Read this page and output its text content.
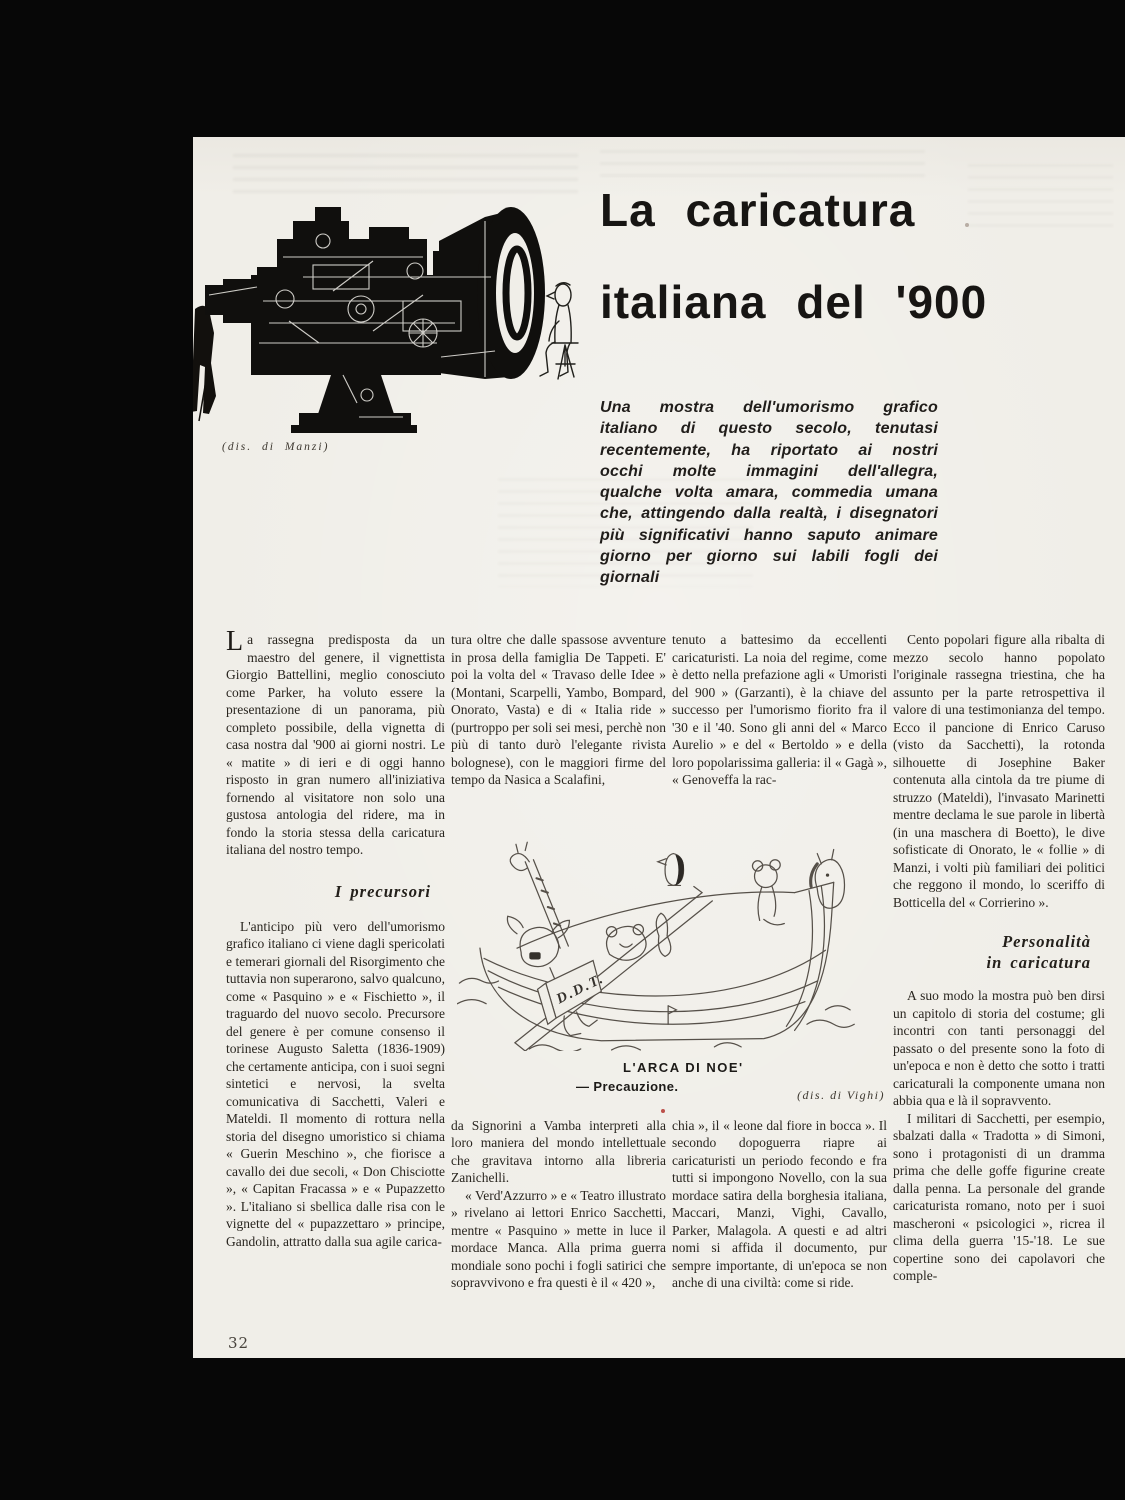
(dis. di Manzi)
La caricatura
italiana del '900
Una mostra dell'umorismo grafico italiano di questo secolo, tenutasi recentemente, ha riportato ai nostri occhi molte immagini dell'allegra, qualche volta amara, commedia umana che, attingendo dalla realtà, i disegnatori più significativi hanno saputo animare giorno per giorno sui labili fogli dei giornali

La rassegna predisposta da un maestro del genere, il vignettista Giorgio Battellini, meglio conosciuto come Parker, ha voluto essere la presentazione di un panorama, più completo possibile, della vignetta di casa nostra dal '900 ai giorni nostri. Le « matite » di ieri e di oggi hanno risposto in gran numero all'iniziativa fornendo al visitatore non solo una gustosa antologia del ridere, ma in fondo la storia stessa della caricatura italiana del nostro tempo.

I precursori

L'anticipo più vero dell'umorismo grafico italiano ci viene dagli spericolati e temerari giornali del Risorgimento che tuttavia non superarono, salvo qualcuno, come « Pasquino » e « Fischietto », il traguardo del nuovo secolo. Precursore del genere è per comune consenso il torinese Augusto Saletta (1836-1909) che certamente anticipa, con i suoi segni sintetici e nervosi, la svelta comunicativa di Sacchetti, Valeri e Mateldi. Il momento di rottura nella storia del disegno umoristico si chiama « Guerin Meschino », che fiorisce a cavallo dei due secoli, « Don Chisciotte », « Capitan Fracassa » e « Pupazzetto ». L'italiano si sbellica dalle risa con le vignette del « pupazzettaro » principe, Gandolin, attratto dalla sua agile carica-

tura oltre che dalle spassose avventure in prosa della famiglia De Tappeti. E' poi la volta del « Travaso delle Idee » (Montani, Scarpelli, Yambo, Bompard, Onorato, Vasta) e di « Italia ride » (purtroppo per soli sei mesi, perchè non più di tanto durò l'elegante rivista bolognese), con le maggiori firme del tempo da Nasica a Scalafini,

tenuto a battesimo da eccellenti caricaturisti. La noia del regime, come è detto nella prefazione agli « Umoristi del 900 » (Garzanti), è la chiave del successo per l'umorismo fiorito fra il '30 e il '40. Sono gli anni del « Marco Aurelio » e del « Bertoldo » e della loro popolarissima galleria: il « Gagà », « Genoveffa la rac-

D.D.T.
L'ARCA DI NOE'
— Precauzione.
(dis. di Vighi)

da Signorini a Vamba interpreti alla loro maniera del mondo intellettuale che gravitava intorno alla libreria Zanichelli.

« Verd'Azzurro » e « Teatro illustrato » rivelano ai lettori Enrico Sacchetti, mentre « Pasquino » mette in luce il mordace Manca. Alla prima guerra mondiale sono pochi i fogli satirici che sopravvivono e fra questi è il « 420 »,

chia », il « leone dal fiore in bocca ». Il secondo dopoguerra riapre ai caricaturisti un periodo fecondo e fra tutti si impongono Novello, con la sua mordace satira della borghesia italiana, Maccari, Manzi, Vighi, Cavallo, Parker, Malagola. A questi e ad altri nomi si affida il documento, pur sempre importante, di un'epoca se non anche di una civiltà: come si ride.

Cento popolari figure alla ribalta di mezzo secolo hanno popolato l'originale rassegna triestina, che ha assunto per la parte retrospettiva il valore di una testimonianza del tempo. Ecco il pancione di Enrico Caruso (visto da Sacchetti), la rotonda silhouette di Josephine Baker contenuta alla cintola da tre piume di struzzo (Mateldi), l'invasato Marinetti mentre declama le sue parole in libertà (in una maschera di Boetto), le dive sofisticate di Onorato, le « follie » di Manzi, i volti più familiari dei politici che reggono il mondo, lo sceriffo di Botticella del « Corrierino ».

Personalità
in caricatura

A suo modo la mostra può ben dirsi un capitolo di storia del costume; gli incontri con tanti personaggi del passato o del presente sono la foto di un'epoca e non è detto che sotto i tratti caricaturali la componente umana non abbia qua e là il sopravvento.

I militari di Sacchetti, per esempio, sbalzati dalla « Tradotta » di Simoni, sono i protagonisti di un dramma prima che delle goffe figurine create dalla penna. La personale del grande caricaturista romano, noto per i suoi mascheroni « psicologici », ricrea il clima della guerra '15-'18. Le sue copertine sono dei capolavori che comple-

32
